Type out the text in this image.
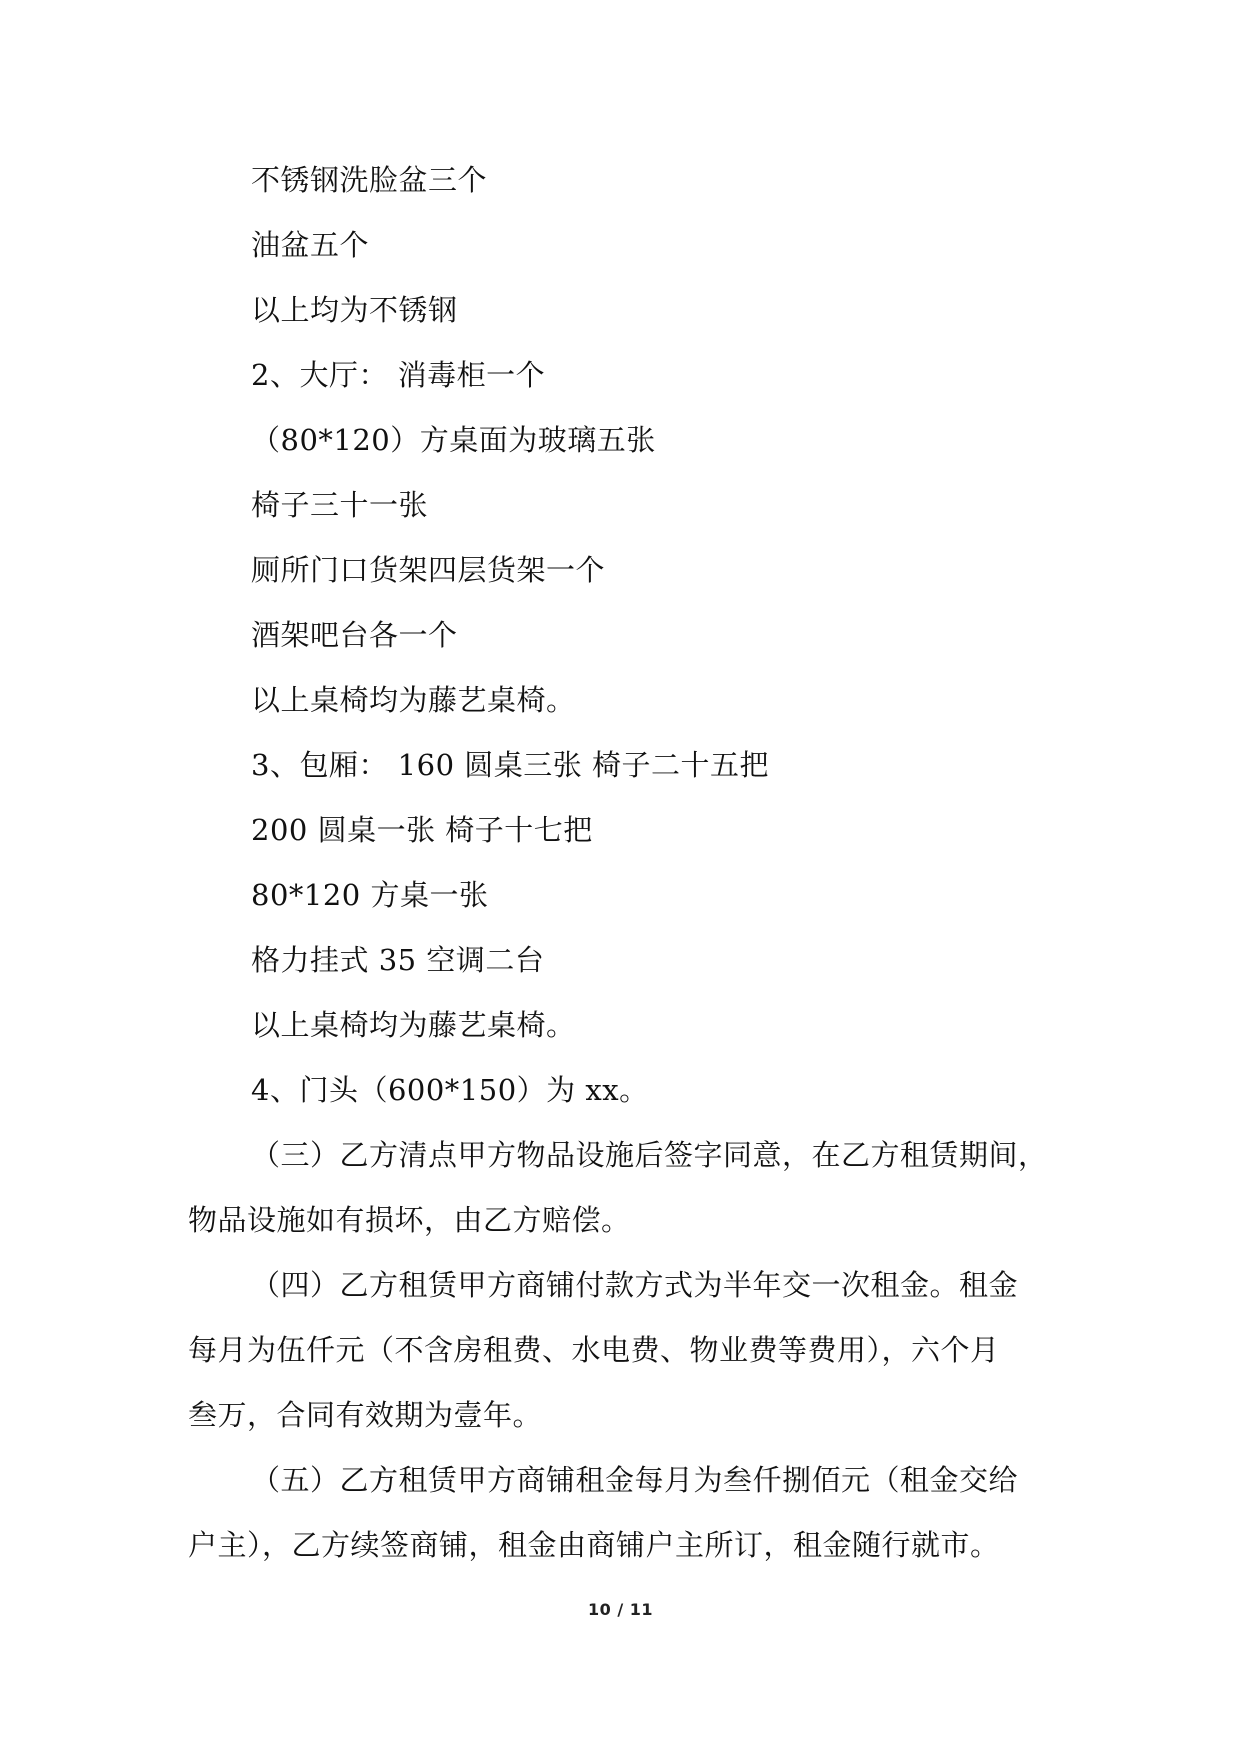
不锈钢洗脸盆三个
油盆五个
以上均为不锈钢
2、大厅： 消毒柜一个
（80*120）方桌面为玻璃五张
椅子三十一张
厕所门口货架四层货架一个
酒架吧台各一个
以上桌椅均为藤艺桌椅。
3、包厢： 160 圆桌三张 椅子二十五把
200 圆桌一张 椅子十七把
80*120 方桌一张
格力挂式 35 空调二台
以上桌椅均为藤艺桌椅。
4、门头（600*150）为 xx。
（三）乙方清点甲方物品设施后签字同意，在乙方租赁期间，
物品设施如有损坏，由乙方赔偿。
（四）乙方租赁甲方商铺付款方式为半年交一次租金。租金
每月为伍仟元（不含房租费、水电费、物业费等费用），六个月
叁万，合同有效期为壹年。
（五）乙方租赁甲方商铺租金每月为叁仟捌佰元（租金交给
户主），乙方续签商铺，租金由商铺户主所订，租金随行就市。
10 / 11
